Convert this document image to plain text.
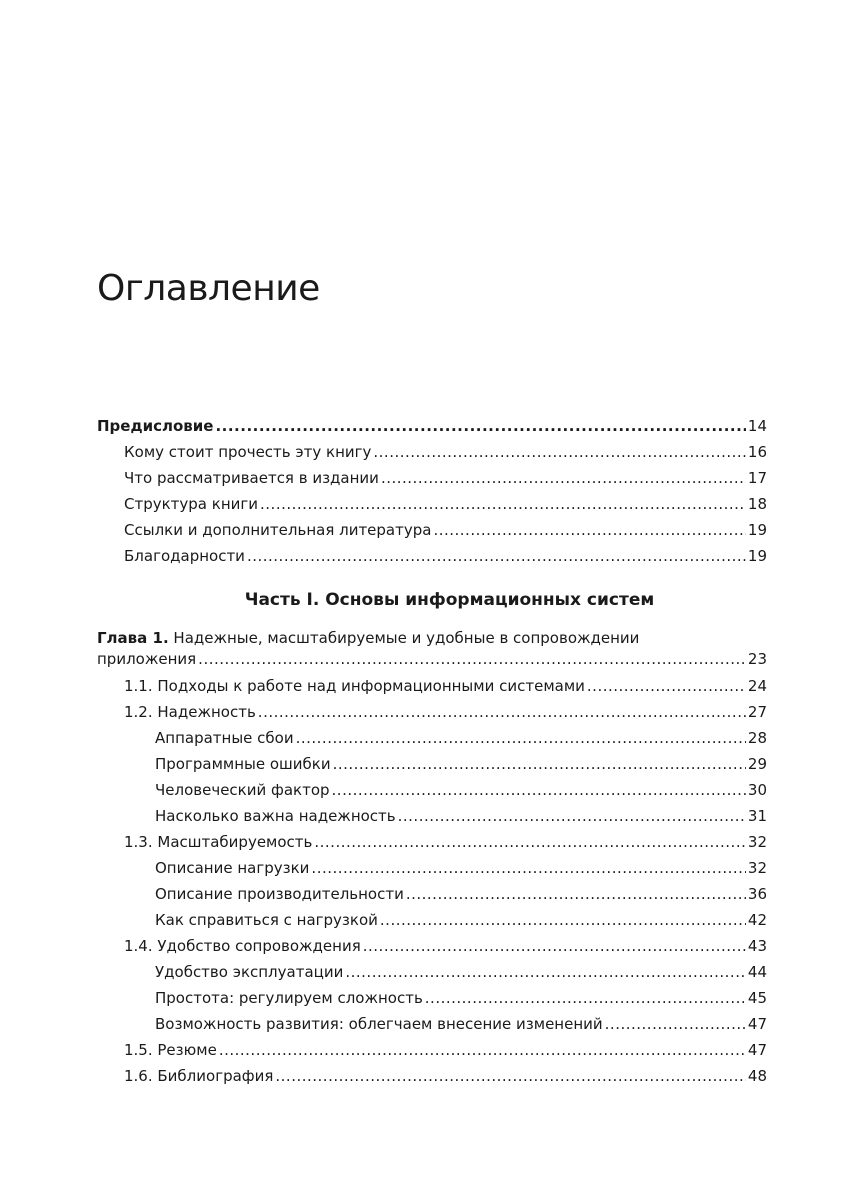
Оглавление
Предисловие .....	14
Кому стоит прочесть эту книгу .....	16
Что рассматривается в издании .....	17
Структура книги .....	18
Ссылки и дополнительная литература .....	19
Благодарности .....	19
Часть I. Основы информационных систем
Глава 1. Надежные, масштабируемые и удобные в сопровождении
приложения .....	23
1.1. Подходы к работе над информационными системами .....	24
1.2. Надежность .....	27
Аппаратные сбои .....	28
Программные ошибки .....	29
Человеческий фактор .....	30
Насколько важна надежность .....	31
1.3. Масштабируемость .....	32
Описание нагрузки .....	32
Описание производительности .....	36
Как справиться с нагрузкой .....	42
1.4. Удобство сопровождения .....	43
Удобство эксплуатации .....	44
Простота: регулируем сложность .....	45
Возможность развития: облегчаем внесение изменений .....	47
1.5. Резюме .....	47
1.6. Библиография .....	48
